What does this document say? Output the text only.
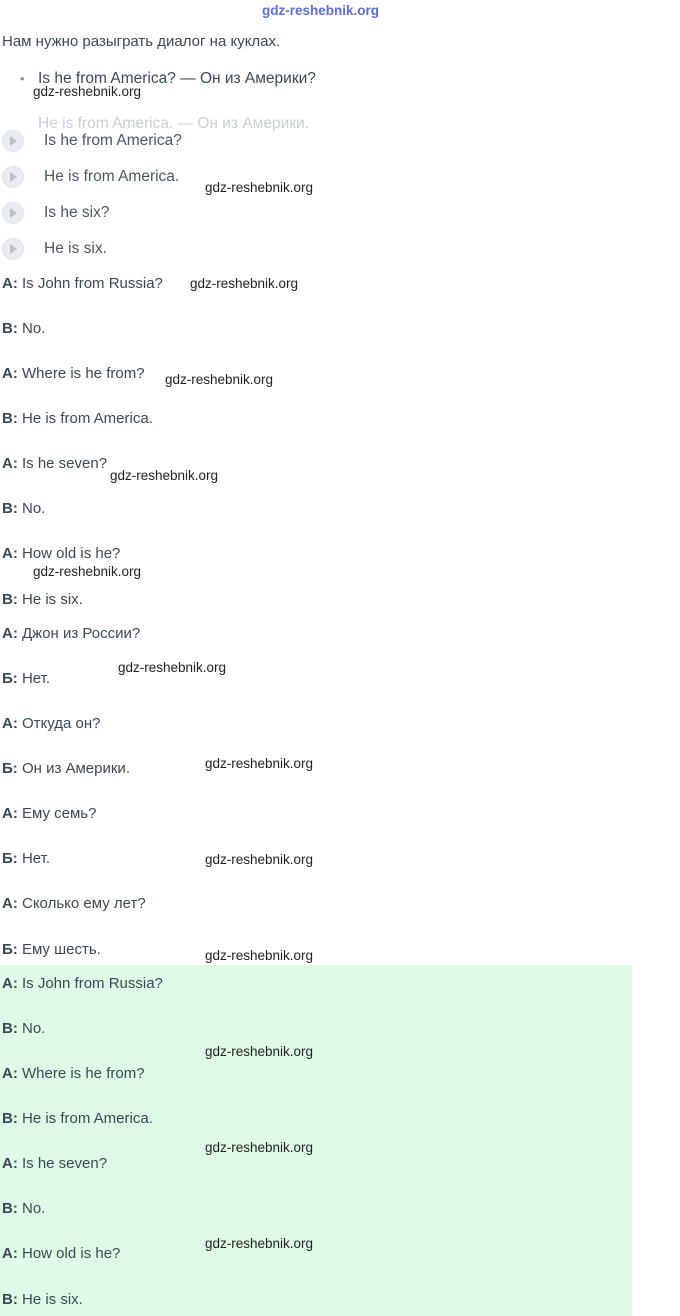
gdz-reshebnik.org
Нам нужно разыграть диалог на куклах.
• Is he from America? — Он из Америки?
He is from America. — Он из Америки.
Is he from America?
He is from America.
Is he six?
He is six.
A: Is John from Russia?
B: No.
A: Where is he from?
B: He is from America.
A: Is he seven?
B: No.
A: How old is he?
B: He is six.
A: Джон из России?
Б: Нет.
A: Откуда он?
Б: Он из Америки.
A: Ему семь?
Б: Нет.
A: Сколько ему лет?
Б: Ему шесть.
A: Is John from Russia?
B: No.
A: Where is he from?
B: He is from America.
A: Is he seven?
B: No.
A: How old is he?
B: He is six.
gdz-reshebnik.org
gdz-reshebnik.org
gdz-reshebnik.org
gdz-reshebnik.org
gdz-reshebnik.org
gdz-reshebnik.org
gdz-reshebnik.org
gdz-reshebnik.org
gdz-reshebnik.org
gdz-reshebnik.org
gdz-reshebnik.org
gdz-reshebnik.org
gdz-reshebnik.org
